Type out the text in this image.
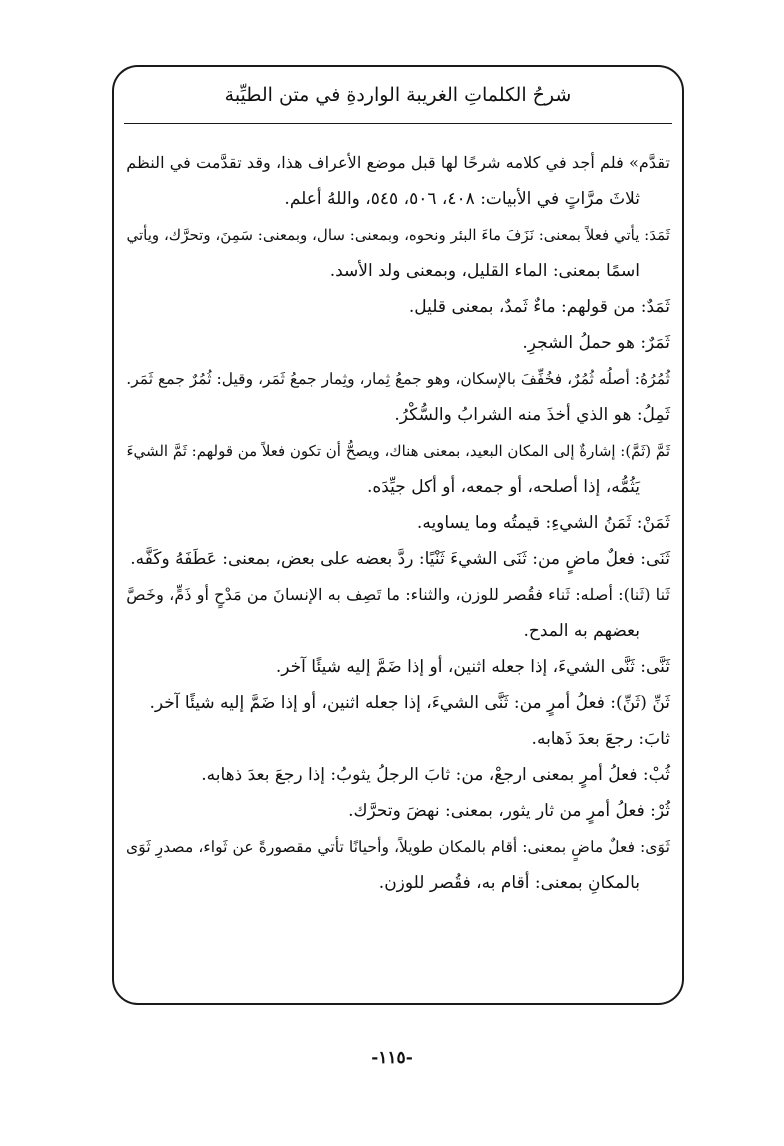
شرحُ الكلماتِ الغريبة الواردةِ في متن الطيِّبة
تقدَّم» فلم أجد في كلامه شرحًا لها قبل موضع الأعراف هذا، وقد تقدَّمت في النظم
ثلاثَ مرَّاتٍ في الأبيات: ٤٠٨، ٥٠٦، ٥٤٥، واللهُ أعلم.
ثَمَدَ: يأتي فعلاً بمعنى: نَزَفَ ماءَ البئر ونحوه، وبمعنى: سال، وبمعنى: سَمِنَ، وتحرَّك، ويأتي
اسمًا بمعنى: الماء القليل، وبمعنى ولد الأسد.
ثَمَدٌ: من قولهم: ماءٌ ثَمدٌ، بمعنى قليل.
ثَمَرٌ: هو حملُ الشجرِ.
ثُمُرُهُ: أصلُه ثُمُرٌ، فخُفِّفَ بالإسكان، وهو جمعُ ثِمار، وثِمار جمعُ ثَمَر، وقيل: ثُمُرٌ جمع ثَمَر.
ثَمِلُ: هو الذي أخذَ منه الشرابُ والسُّكْرُ.
ثَمَّ (ثَمَّ): إشارةٌ إلى المكان البعيد، بمعنى هناك، ويصحُّ أن تكون فعلاً من قولهم: ثَمَّ الشيءَ
يَثُمُّه، إذا أصلحه، أو جمعه، أو أكل جيِّدَه.
ثَمَنْ: ثَمَنُ الشيءِ: قيمتُه وما يساويه.
ثَنَى: فعلٌ ماضٍ من: ثَنَى الشيءَ ثَنْيًا: ردَّ بعضه على بعض، بمعنى: عَطَفَهُ وكَفَّه.
ثَنا (ثَنا): أصله: ثَناء فقُصر للوزن، والثناء: ما تَصِف به الإنسانَ من مَدْحٍ أو ذَمٍّ، وخَصَّ
بعضهم به المدح.
ثَنَّى: ثَنَّى الشيءَ، إذا جعله اثنين، أو إذا ضَمَّ إليه شيئًا آخر.
ثَنِّ (ثَنِّ): فعلُ أمرٍ من: ثَنَّى الشيءَ، إذا جعله اثنين، أو إذا ضَمَّ إليه شيئًا آخر.
ثابَ: رجعَ بعدَ ذَهابه.
ثُبْ: فعلُ أمرٍ بمعنى ارجعْ، من: ثابَ الرجلُ يثوبُ: إذا رجعَ بعدَ ذهابه.
ثُرْ: فعلُ أمرٍ من ثار يثور، بمعنى: نهضَ وتحرَّك.
ثَوَى: فعلٌ ماضٍ بمعنى: أقام بالمكان طويلاً، وأحيانًا تأتي مقصورةً عن ثَواء، مصدرِ ثَوَى
بالمكانِ بمعنى: أقام به، فقُصر للوزن.
-١١٥-
